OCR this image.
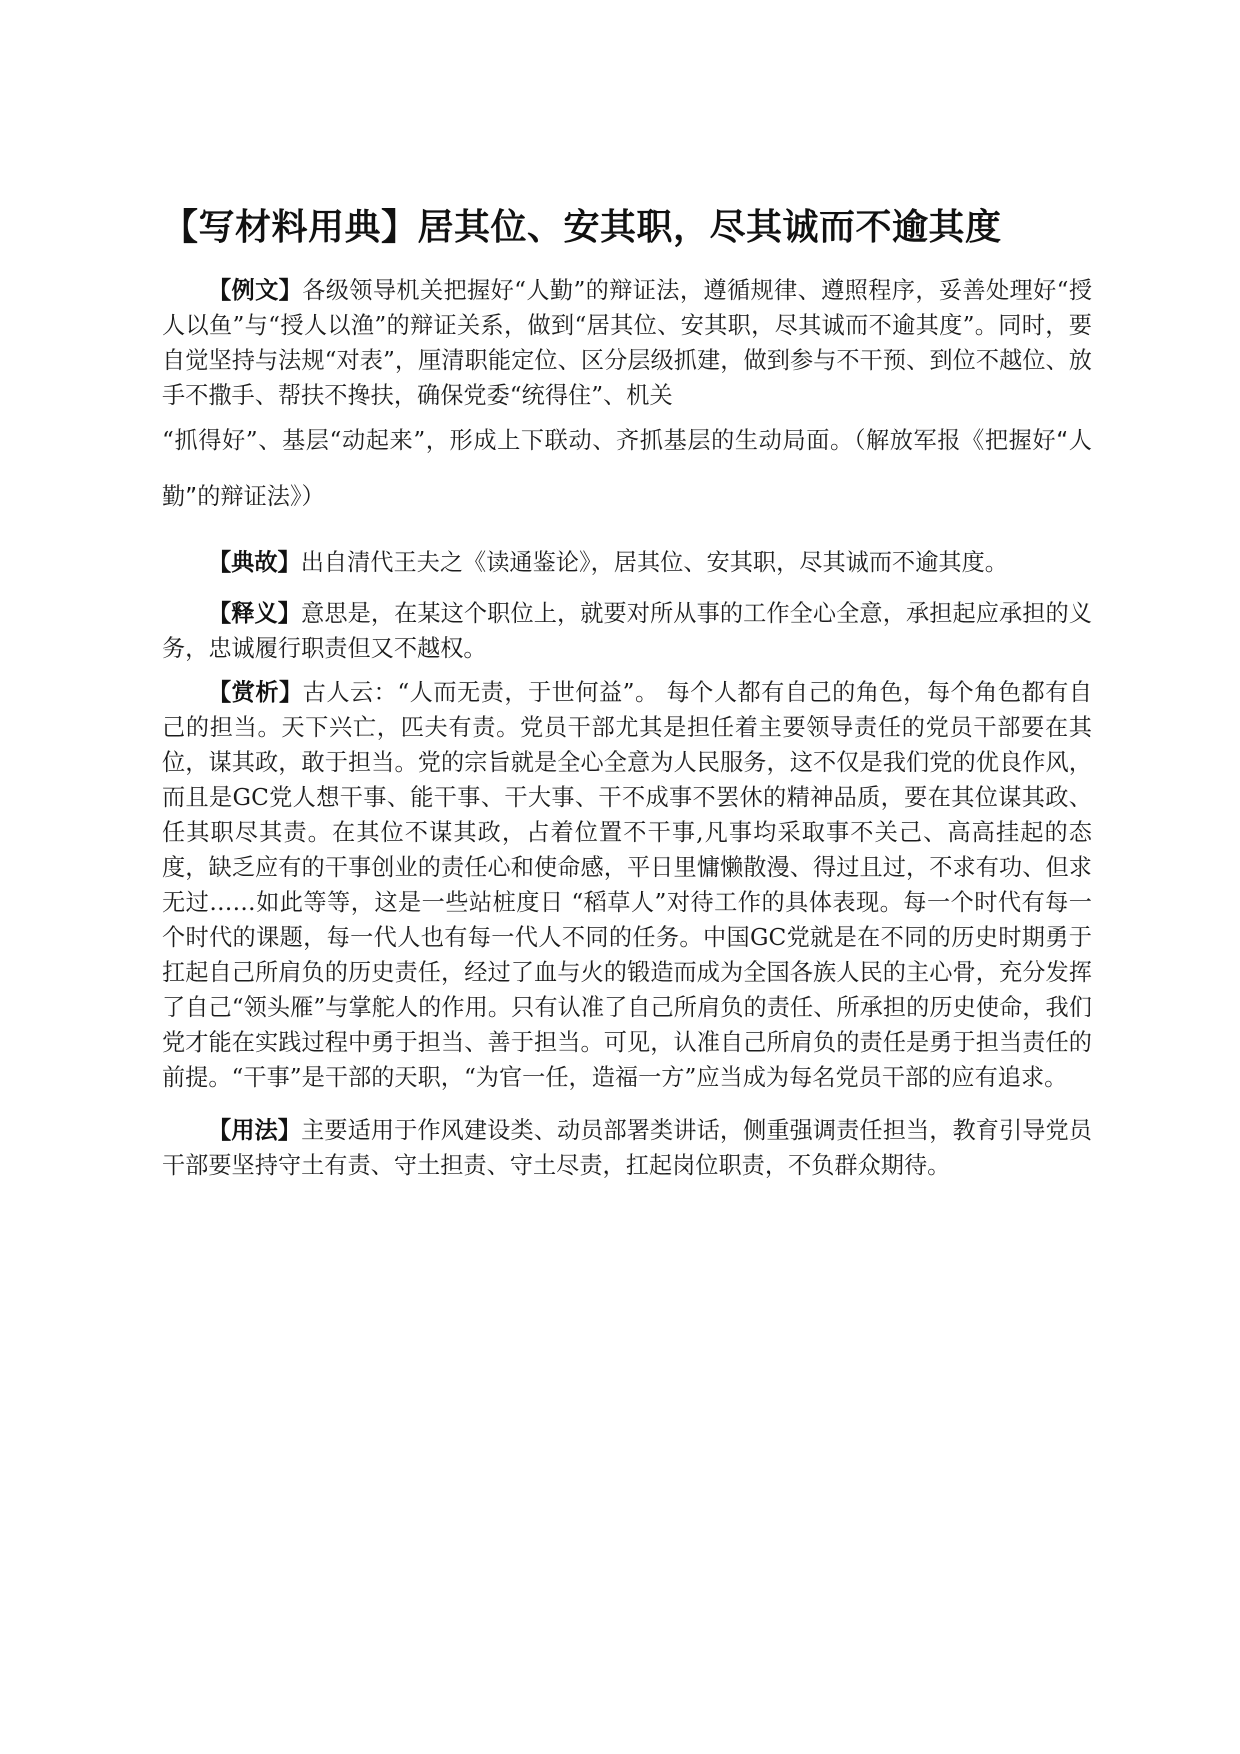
【写材料用典】居其位、安其职，尽其诚而不逾其度

【例文】各级领导机关把握好“人勤”的辩证法，遵循规律、遵照程序，妥善处理好“授人以鱼”与“授人以渔”的辩证关系，做到“居其位、安其职，尽其诚而不逾其度”。同时，要自觉坚持与法规“对表”，厘清职能定位、区分层级抓建，做到参与不干预、到位不越位、放手不撒手、帮扶不搀扶，确保党委“统得住”、机关

“抓得好”、基层“动起来”，形成上下联动、齐抓基层的生动局面。（解放军报《把握好“人勤”的辩证法》）

【典故】出自清代王夫之《读通鉴论》，居其位、安其职，尽其诚而不逾其度。

【释义】意思是，在某这个职位上，就要对所从事的工作全心全意，承担起应承担的义务，忠诚履行职责但又不越权。

【赏析】古人云：“人而无责，于世何益”。 每个人都有自己的角色，每个角色都有自己的担当。天下兴亡，匹夫有责。党员干部尤其是担任着主要领导责任的党员干部要在其位，谋其政，敢于担当。党的宗旨就是全心全意为人民服务，这不仅是我们党的优良作风，而且是GC党人想干事、能干事、干大事、干不成事不罢休的精神品质，要在其位谋其政、任其职尽其责。在其位不谋其政，占着位置不干事,凡事均采取事不关己、高高挂起的态度，缺乏应有的干事创业的责任心和使命感，平日里慵懒散漫、得过且过，不求有功、但求无过……如此等等，这是一些站桩度日 “稻草人”对待工作的具体表现。每一个时代有每一个时代的课题，每一代人也有每一代人不同的任务。中国GC党就是在不同的历史时期勇于扛起自己所肩负的历史责任，经过了血与火的锻造而成为全国各族人民的主心骨，充分发挥了自己“领头雁”与掌舵人的作用。只有认准了自己所肩负的责任、所承担的历史使命，我们党才能在实践过程中勇于担当、善于担当。可见，认准自己所肩负的责任是勇于担当责任的前提。“干事”是干部的天职，“为官一任，造福一方”应当成为每名党员干部的应有追求。

【用法】主要适用于作风建设类、动员部署类讲话，侧重强调责任担当，教育引导党员干部要坚持守土有责、守土担责、守土尽责，扛起岗位职责，不负群众期待。
